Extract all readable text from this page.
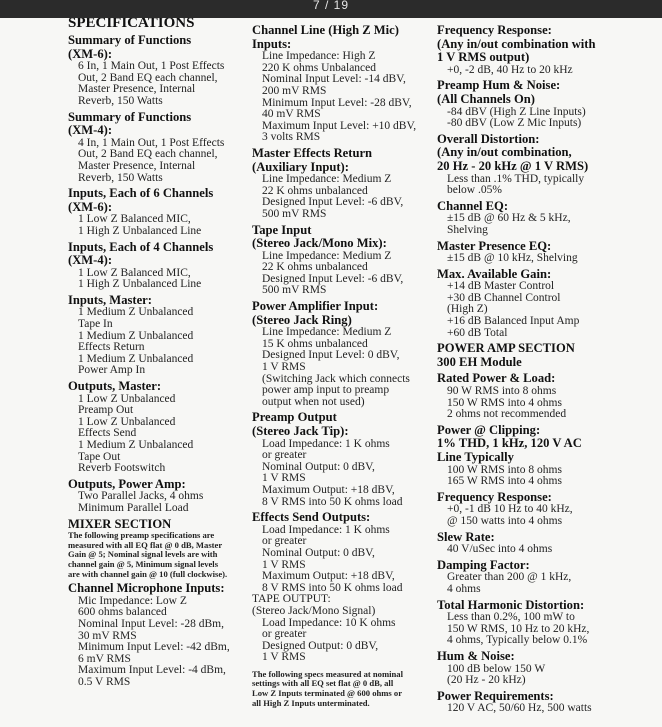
7 / 19
SPECIFICATIONS
Summary of Functions
(XM-6):
6 In, 1 Main Out, 1 Post Effects
Out, 2 Band EQ each channel,
Master Presence, Internal
Reverb, 150 Watts
Summary of Functions
(XM-4):
4 In, 1 Main Out, 1 Post Effects
Out, 2 Band EQ each channel,
Master Presence, Internal
Reverb, 150 Watts
Inputs, Each of 6 Channels
(XM-6):
1 Low Z Balanced MIC,
1 High Z Unbalanced Line
Inputs, Each of 4 Channels
(XM-4):
1 Low Z Balanced MIC,
1 High Z Unbalanced Line
Inputs, Master:
1 Medium Z Unbalanced
Tape In
1 Medium Z Unbalanced
Effects Return
1 Medium Z Unbalanced
Power Amp In
Outputs, Master:
1 Low Z Unbalanced
Preamp Out
1 Low Z Unbalanced
Effects Send
1 Medium Z Unbalanced
Tape Out
Reverb Footswitch
Outputs, Power Amp:
Two Parallel Jacks, 4 ohms
Minimum Parallel Load
MIXER SECTION
The following preamp specifications are
measured with all EQ flat @ 0 dB, Master
Gain @ 5; Nominal signal levels are with
channel gain @ 5, Minimum signal levels
are with channel gain @ 10 (full clockwise).
Channel Microphone Inputs:
Mic Impedance: Low Z
600 ohms balanced
Nominal Input Level: -28 dBm,
30 mV RMS
Minimum Input Level: -42 dBm,
6 mV RMS
Maximum Input Level: -4 dBm,
0.5 V RMS
Channel Line (High Z Mic)
Inputs:
Line Impedance: High Z
220 K ohms Unbalanced
Nominal Input Level: -14 dBV,
200 mV RMS
Minimum Input Level: -28 dBV,
40 mV RMS
Maximum Input Level: +10 dBV,
3 volts RMS
Master Effects Return
(Auxiliary Input):
Line Impedance: Medium Z
22 K ohms unbalanced
Designed Input Level: -6 dBV,
500 mV RMS
Tape Input
(Stereo Jack/Mono Mix):
Line Impedance: Medium Z
22 K ohms unbalanced
Designed Input Level: -6 dBV,
500 mV RMS
Power Amplifier Input:
(Stereo Jack Ring)
Line Impedance: Medium Z
15 K ohms unbalanced
Designed Input Level: 0 dBV,
1 V RMS
(Switching Jack which connects
power amp input to preamp
output when not used)
Preamp Output
(Stereo Jack Tip):
Load Impedance: 1 K ohms
or greater
Nominal Output: 0 dBV,
1 V RMS
Maximum Output: +18 dBV,
8 V RMS into 50 K ohms load
Effects Send Outputs:
Load Impedance: 1 K ohms
or greater
Nominal Output: 0 dBV,
1 V RMS
Maximum Output: +18 dBV,
8 V RMS into 50 K ohms load
TAPE OUTPUT:
(Stereo Jack/Mono Signal)
Load Impedance: 10 K ohms
or greater
Designed Output: 0 dBV,
1 V RMS
The following specs measured at nominal
settings with all EQ set flat @ 0 dB, all
Low Z Inputs terminated @ 600 ohms or
all High Z Inputs unterminated.
Frequency Response:
(Any in/out combination with
1 V RMS output)
+0, -2 dB, 40 Hz to 20 kHz
Preamp Hum & Noise:
(All Channels On)
-84 dBV (High Z Line Inputs)
-80 dBV (Low Z Mic Inputs)
Overall Distortion:
(Any in/out combination,
20 Hz - 20 kHz @ 1 V RMS)
Less than .1% THD, typically
below .05%
Channel EQ:
±15 dB @ 60 Hz & 5 kHz,
Shelving
Master Presence EQ:
±15 dB @ 10 kHz, Shelving
Max. Available Gain:
+14 dB Master Control
+30 dB Channel Control
(High Z)
+16 dB Balanced Input Amp
+60 dB Total
POWER AMP SECTION
300 EH Module
Rated Power & Load:
90 W RMS into 8 ohms
150 W RMS into 4 ohms
2 ohms not recommended
Power @ Clipping:
1% THD, 1 kHz, 120 V AC
Line Typically
100 W RMS into 8 ohms
165 W RMS into 4 ohms
Frequency Response:
+0, -1 dB 10 Hz to 40 kHz,
@ 150 watts into 4 ohms
Slew Rate:
40 V/uSec into 4 ohms
Damping Factor:
Greater than 200 @ 1 kHz,
4 ohms
Total Harmonic Distortion:
Less than 0.2%, 100 mW to
150 W RMS, 10 Hz to 20 kHz,
4 ohms, Typically below 0.1%
Hum & Noise:
100 dB below 150 W
(20 Hz - 20 kHz)
Power Requirements:
120 V AC, 50/60 Hz, 500 watts
